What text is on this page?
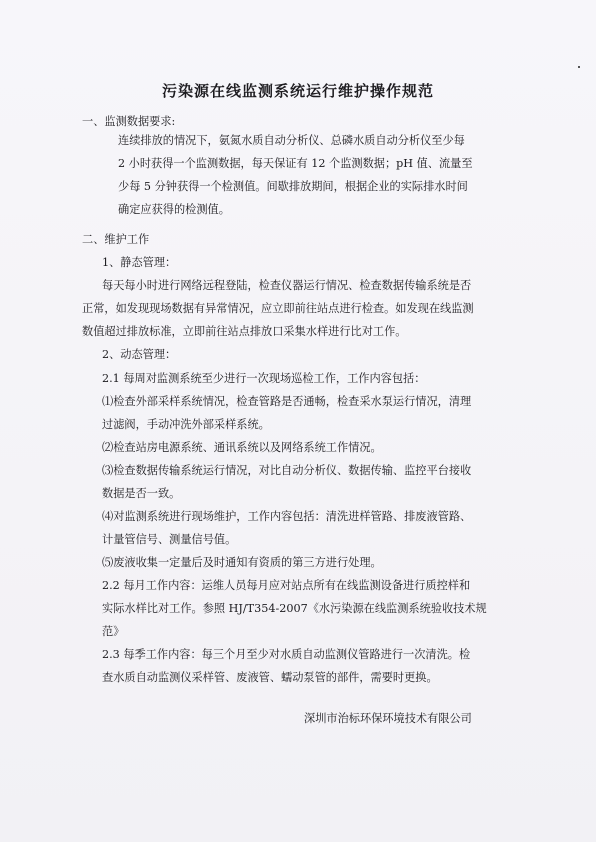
污染源在线监测系统运行维护操作规范
一、监测数据要求:
连续排放的情况下，氨氮水质自动分析仪、总磷水质自动分析仪至少每
2 小时获得一个监测数据，每天保证有 12 个监测数据；pH 值、流量至
少每 5 分钟获得一个检测值。间歇排放期间，根据企业的实际排水时间
确定应获得的检测值。
二、维护工作
1、静态管理：
每天每小时进行网络远程登陆，检查仪器运行情况、检查数据传输系统是否
正常，如发现现场数据有异常情况，应立即前往站点进行检查。如发现在线监测
数值超过排放标准，立即前往站点排放口采集水样进行比对工作。
2、动态管理：
2.1 每周对监测系统至少进行一次现场巡检工作，工作内容包括：
⑴检查外部采样系统情况，检查管路是否通畅，检查采水泵运行情况，清理
过滤阀，手动冲洗外部采样系统。
⑵检查站房电源系统、通讯系统以及网络系统工作情况。
⑶检查数据传输系统运行情况，对比自动分析仪、数据传输、监控平台接收
数据是否一致。
⑷对监测系统进行现场维护，工作内容包括：清洗进样管路、排废液管路、
计量管信号、测量信号值。
⑸废液收集一定量后及时通知有资质的第三方进行处理。
2.2 每月工作内容：运维人员每月应对站点所有在线监测设备进行质控样和
实际水样比对工作。参照 HJ/T354-2007《水污染源在线监测系统验收技术规
范》
2.3 每季工作内容：每三个月至少对水质自动监测仪管路进行一次清洗。检
查水质自动监测仪采样管、废液管、蠕动泵管的部件，需要时更换。
深圳市治标环保环境技术有限公司
